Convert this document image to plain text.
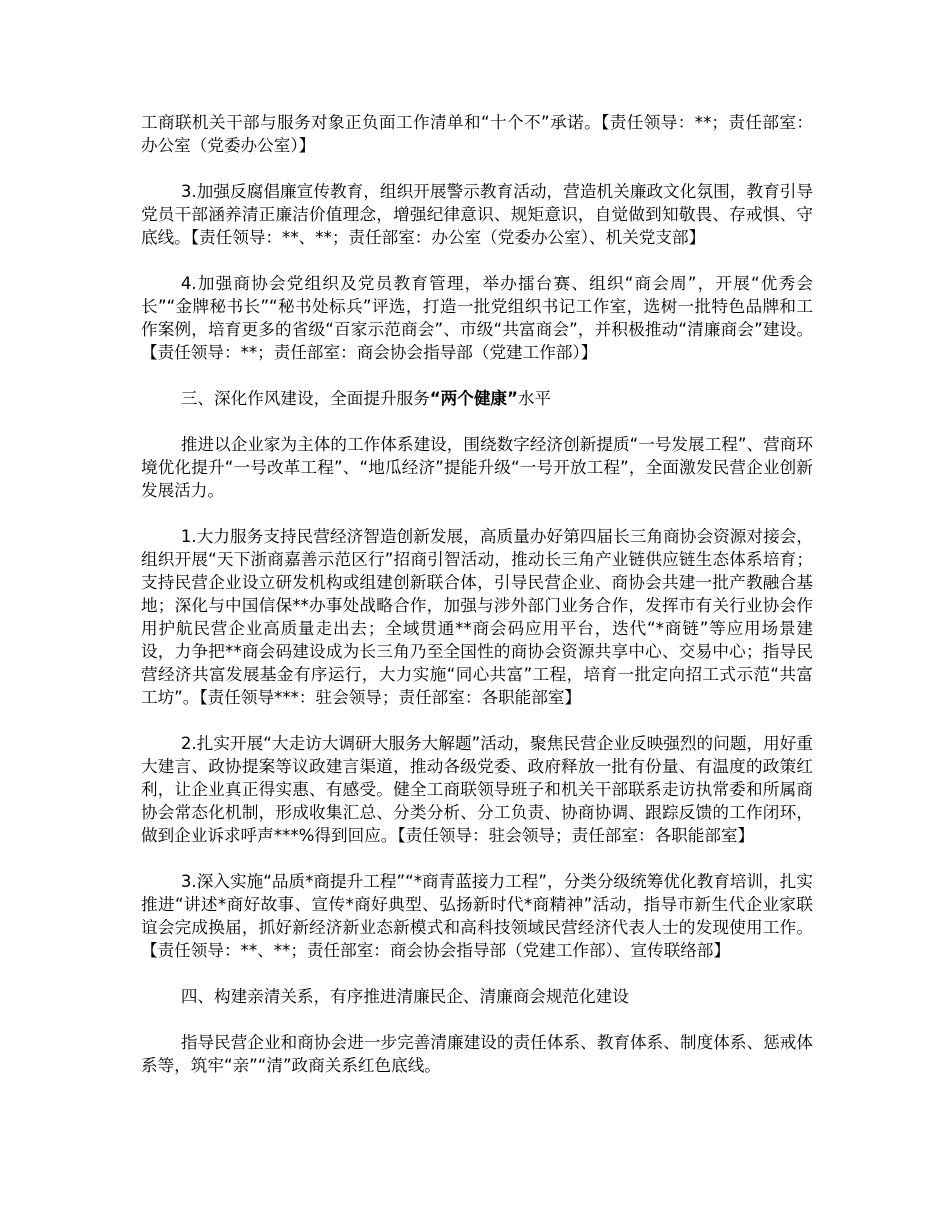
工商联机关干部与服务对象正负面工作清单和“十个不”承诺。【责任领导：**；责任部室：办公室（党委办公室）】

3.加强反腐倡廉宣传教育，组织开展警示教育活动，营造机关廉政文化氛围，教育引导党员干部涵养清正廉洁价值理念，增强纪律意识、规矩意识，自觉做到知敬畏、存戒惧、守底线。【责任领导：**、**；责任部室：办公室（党委办公室）、机关党支部】

4.加强商协会党组织及党员教育管理，举办擂台赛、组织“商会周”，开展“优秀会长”“金牌秘书长”“秘书处标兵”评选，打造一批党组织书记工作室，选树一批特色品牌和工作案例，培育更多的省级“百家示范商会”、市级“共富商会”，并积极推动“清廉商会”建设。【责任领导：**；责任部室：商会协会指导部（党建工作部）】

三、深化作风建设，全面提升服务“两个健康”水平

推进以企业家为主体的工作体系建设，围绕数字经济创新提质“一号发展工程”、营商环境优化提升“一号改革工程”、“地瓜经济”提能升级“一号开放工程”，全面激发民营企业创新发展活力。

1.大力服务支持民营经济智造创新发展，高质量办好第四届长三角商协会资源对接会，组织开展“天下浙商嘉善示范区行”招商引智活动，推动长三角产业链供应链生态体系培育；支持民营企业设立研发机构或组建创新联合体，引导民营企业、商协会共建一批产教融合基地；深化与中国信保**办事处战略合作，加强与涉外部门业务合作，发挥市有关行业协会作用护航民营企业高质量走出去；全域贯通**商会码应用平台，迭代“*商链”等应用场景建设，力争把**商会码建设成为长三角乃至全国性的商协会资源共享中心、交易中心；指导民营经济共富发展基金有序运行，大力实施“同心共富”工程，培育一批定向招工式示范“共富工坊”。【责任领导***：驻会领导；责任部室：各职能部室】

2.扎实开展“大走访大调研大服务大解题”活动，聚焦民营企业反映强烈的问题，用好重大建言、政协提案等议政建言渠道，推动各级党委、政府释放一批有份量、有温度的政策红利，让企业真正得实惠、有感受。健全工商联领导班子和机关干部联系走访执常委和所属商协会常态化机制，形成收集汇总、分类分析、分工负责、协商协调、跟踪反馈的工作闭环，做到企业诉求呼声***%得到回应。【责任领导：驻会领导；责任部室：各职能部室】

3.深入实施“品质*商提升工程”“*商青蓝接力工程”，分类分级统筹优化教育培训，扎实推进“讲述*商好故事、宣传*商好典型、弘扬新时代*商精神”活动，指导市新生代企业家联谊会完成换届，抓好新经济新业态新模式和高科技领域民营经济代表人士的发现使用工作。【责任领导：**、**；责任部室：商会协会指导部（党建工作部）、宣传联络部】

四、构建亲清关系，有序推进清廉民企、清廉商会规范化建设

指导民营企业和商协会进一步完善清廉建设的责任体系、教育体系、制度体系、惩戒体系等，筑牢“亲”“清”政商关系红色底线。
